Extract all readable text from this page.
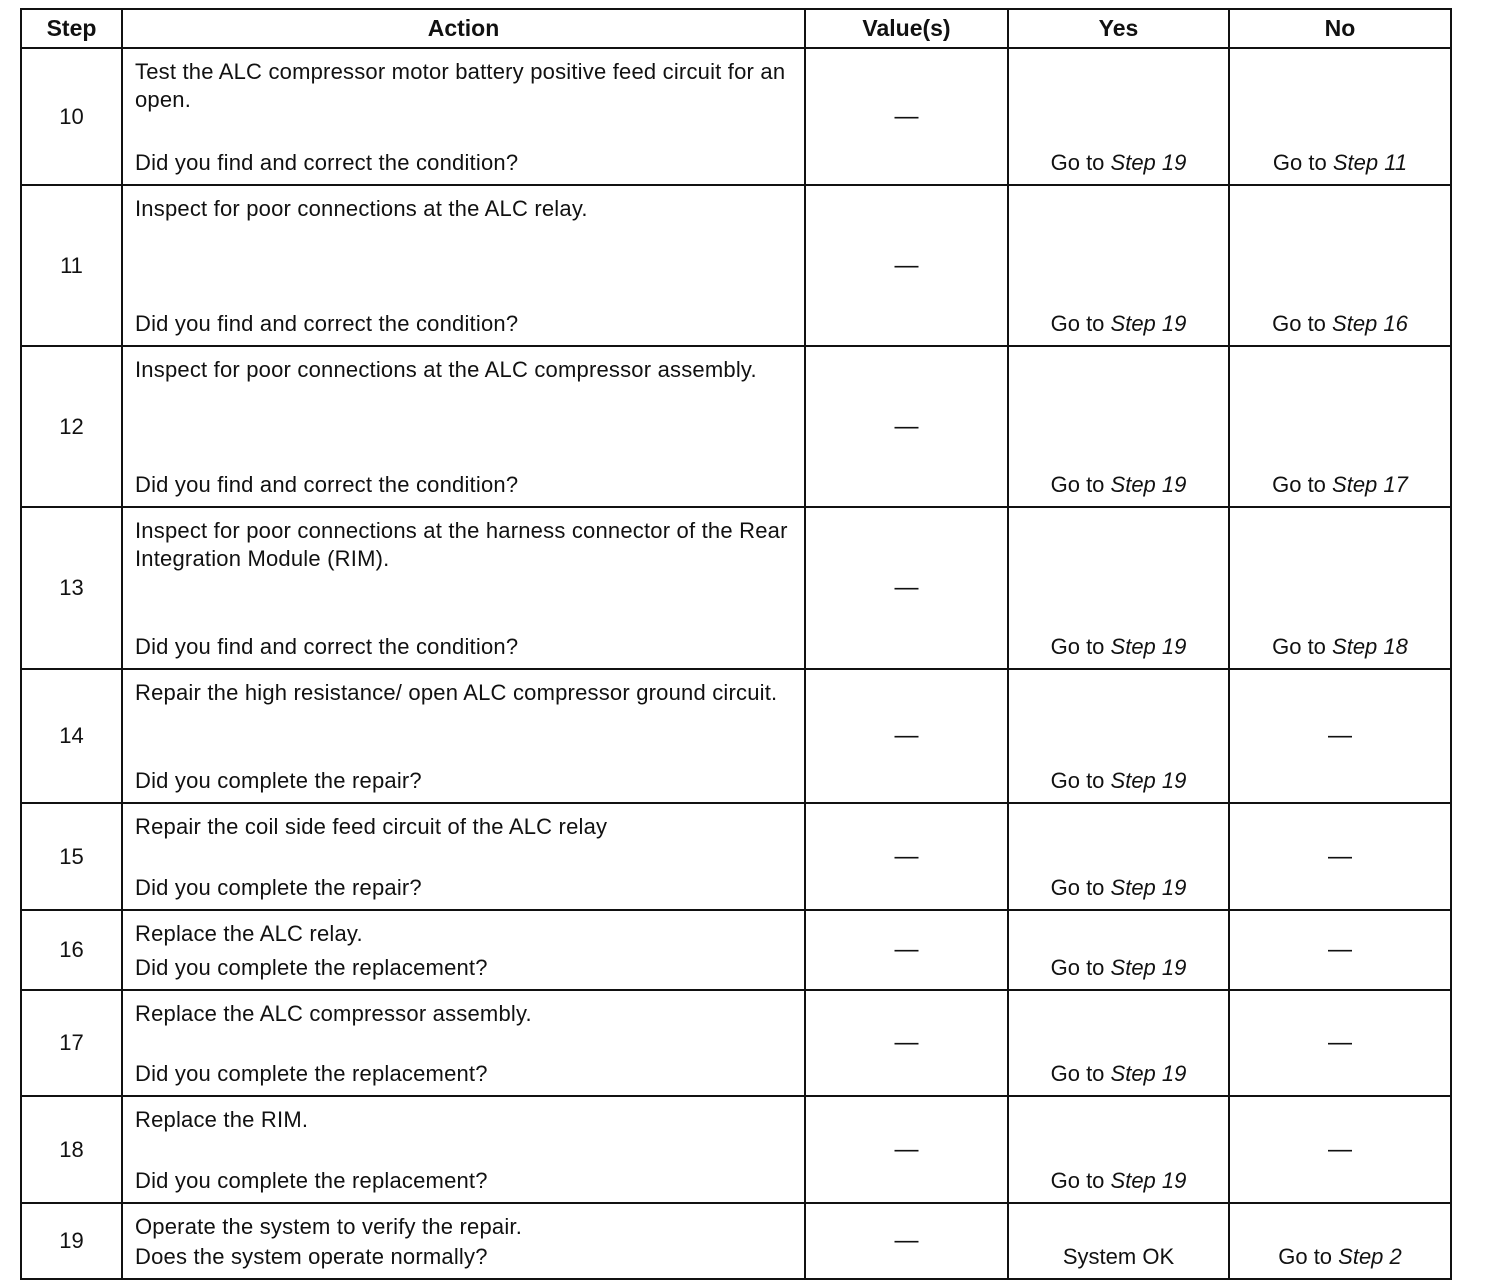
Step	Action	Value(s)	Yes	No
10	Test the ALC compressor motor battery positive feed circuit for an open.
Did you find and correct the condition?	—	Go to Step 19	Go to Step 11
11	Inspect for poor connections at the ALC relay.
Did you find and correct the condition?	—	Go to Step 19	Go to Step 16
12	Inspect for poor connections at the ALC compressor assembly.
Did you find and correct the condition?	—	Go to Step 19	Go to Step 17
13	Inspect for poor connections at the harness connector of the Rear Integration Module (RIM).
Did you find and correct the condition?	—	Go to Step 19	Go to Step 18
14	Repair the high resistance/ open ALC compressor ground circuit.
Did you complete the repair?	—	Go to Step 19	—
15	Repair the coil side feed circuit of the ALC relay
Did you complete the repair?	—	Go to Step 19	—
16	Replace the ALC relay.
Did you complete the replacement?	—	Go to Step 19	—
17	Replace the ALC compressor assembly.
Did you complete the replacement?	—	Go to Step 19	—
18	Replace the RIM.
Did you complete the replacement?	—	Go to Step 19	—
19	Operate the system to verify the repair.
Does the system operate normally?	—	System OK	Go to Step 2
